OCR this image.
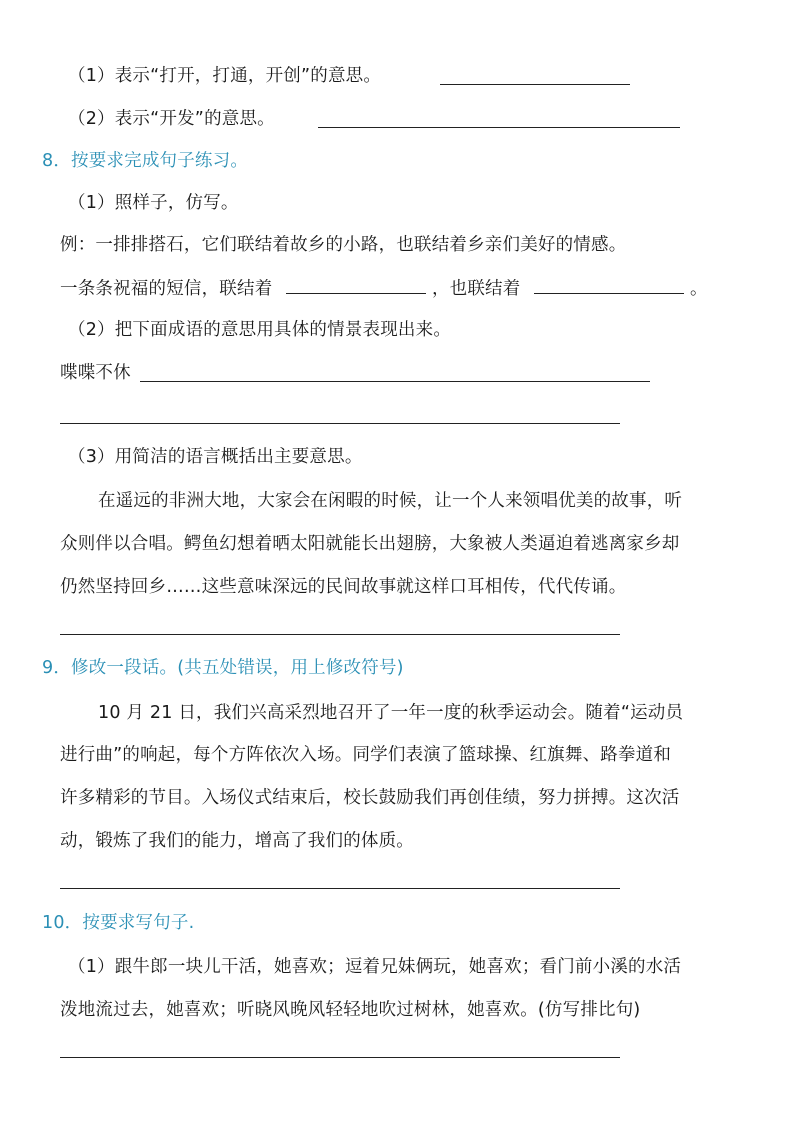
（1）表示“打开，打通，开创”的意思。
（2）表示“开发”的意思。
8．按要求完成句子练习。
（1）照样子，仿写。
例：一排排搭石，它们联结着故乡的小路，也联结着乡亲们美好的情感。
一条条祝福的短信，联结着	，也联结着	。
（2）把下面成语的意思用具体的情景表现出来。
喋喋不休
（3）用简洁的语言概括出主要意思。
在遥远的非洲大地，大家会在闲暇的时候，让一个人来领唱优美的故事，听
众则伴以合唱。鳄鱼幻想着晒太阳就能长出翅膀，大象被人类逼迫着逃离家乡却
仍然坚持回乡……这些意味深远的民间故事就这样口耳相传，代代传诵。
9．修改一段话。(共五处错误，用上修改符号)
10 月 21 日，我们兴高采烈地召开了一年一度的秋季运动会。随着“运动员
进行曲”的响起，每个方阵依次入场。同学们表演了篮球操、红旗舞、路拳道和
许多精彩的节目。入场仪式结束后，校长鼓励我们再创佳绩，努力拼搏。这次活
动，锻炼了我们的能力，增高了我们的体质。
10．按要求写句子.
（1）跟牛郎一块儿干活，她喜欢；逗着兄妹俩玩，她喜欢；看门前小溪的水活
泼地流过去，她喜欢；听晓风晚风轻轻地吹过树林，她喜欢。(仿写排比句)
